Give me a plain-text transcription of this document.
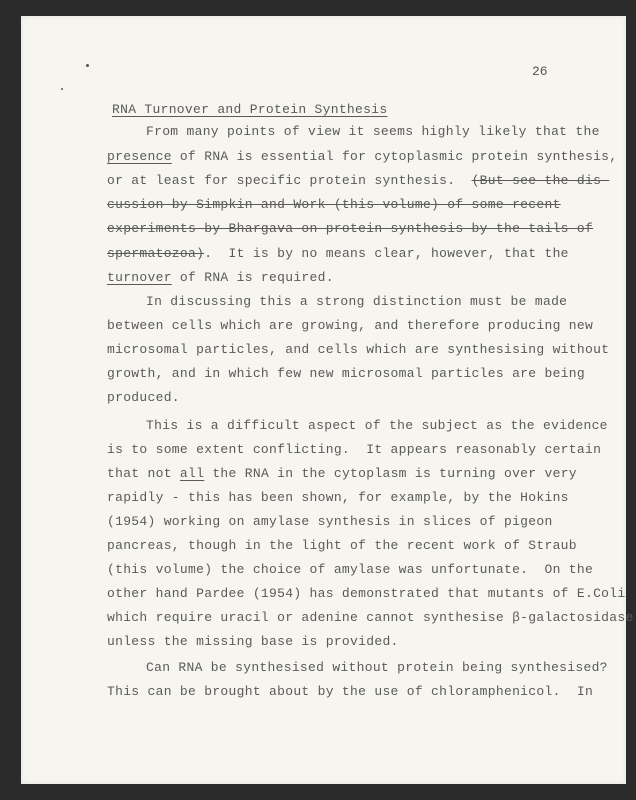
26
RNA Turnover and Protein Synthesis
From many points of view it seems highly likely that the
presence of RNA is essential for cytoplasmic protein synthesis,
or at least for specific protein synthesis.  (But see the dis-
cussion by Simpkin and Work (this volume) of some recent
experiments by Bhargava on protein synthesis by the tails of
spermatozoa).  It is by no means clear, however, that the
turnover of RNA is required.
In discussing this a strong distinction must be made
between cells which are growing, and therefore producing new
microsomal particles, and cells which are synthesising without
growth, and in which few new microsomal particles are being
produced.
This is a difficult aspect of the subject as the evidence
is to some extent conflicting.  It appears reasonably certain
that not all the RNA in the cytoplasm is turning over very
rapidly - this has been shown, for example, by the Hokins
(1954) working on amylase synthesis in slices of pigeon
pancreas, though in the light of the recent work of Straub
(this volume) the choice of amylase was unfortunate.  On the
other hand Pardee (1954) has demonstrated that mutants of E.Coli
which require uracil or adenine cannot synthesise β-galactosidase
unless the missing base is provided.
Can RNA be synthesised without protein being synthesised?
This can be brought about by the use of chloramphenicol.  In
